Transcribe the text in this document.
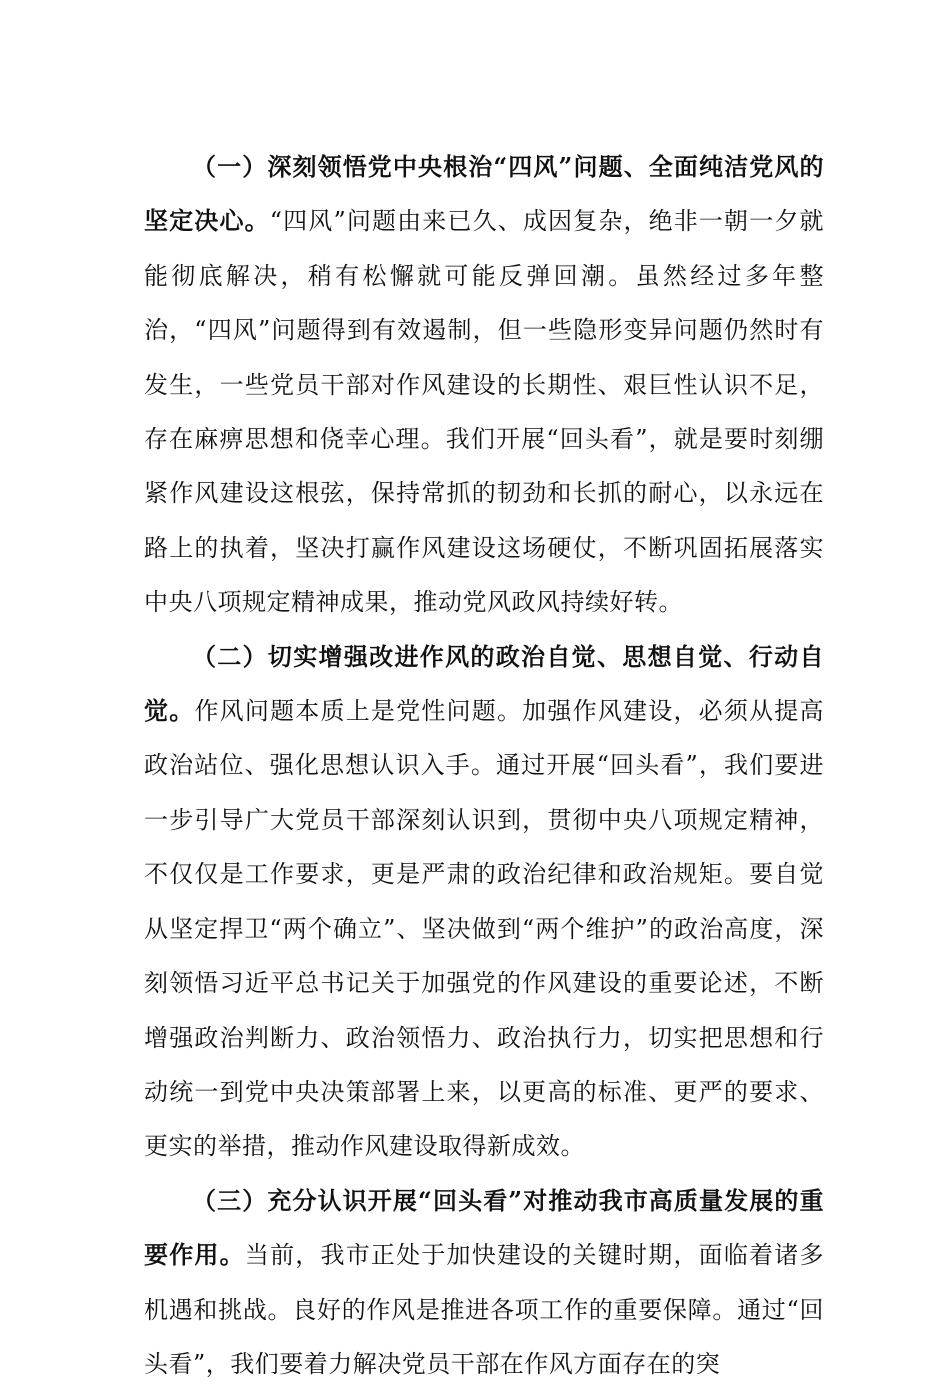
（一）深刻领悟党中央根治“四风”问题、全面纯洁党风的坚定决心。“四风”问题由来已久、成因复杂，绝非一朝一夕就能彻底解决，稍有松懈就可能反弹回潮。虽然经过多年整治，“四风”问题得到有效遏制，但一些隐形变异问题仍然时有发生，一些党员干部对作风建设的长期性、艰巨性认识不足，存在麻痹思想和侥幸心理。我们开展“回头看”，就是要时刻绷紧作风建设这根弦，保持常抓的韧劲和长抓的耐心，以永远在路上的执着，坚决打赢作风建设这场硬仗，不断巩固拓展落实中央八项规定精神成果，推动党风政风持续好转。

（二）切实增强改进作风的政治自觉、思想自觉、行动自觉。作风问题本质上是党性问题。加强作风建设，必须从提高政治站位、强化思想认识入手。通过开展“回头看”，我们要进一步引导广大党员干部深刻认识到，贯彻中央八项规定精神，不仅仅是工作要求，更是严肃的政治纪律和政治规矩。要自觉从坚定捍卫“两个确立”、坚决做到“两个维护”的政治高度，深刻领悟习近平总书记关于加强党的作风建设的重要论述，不断增强政治判断力、政治领悟力、政治执行力，切实把思想和行动统一到党中央决策部署上来，以更高的标准、更严的要求、更实的举措，推动作风建设取得新成效。

（三）充分认识开展“回头看”对推动我市高质量发展的重要作用。当前，我市正处于加快建设的关键时期，面临着诸多机遇和挑战。良好的作风是推进各项工作的重要保障。通过“回头看”，我们要着力解决党员干部在作风方面存在的突
